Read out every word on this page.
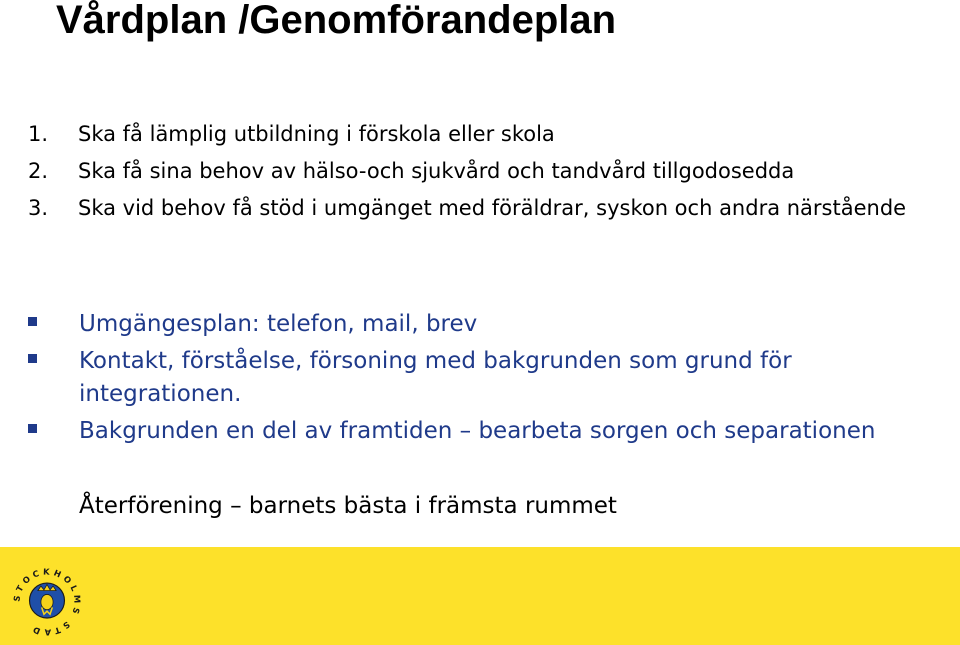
Vårdplan /Genomförandeplan
1. Ska få lämplig utbildning i förskola eller skola
2. Ska få sina behov av hälso-och sjukvård och tandvård tillgodosedda
3. Ska vid behov få stöd i umgänget med föräldrar, syskon och andra närstående
Umgängesplan: telefon, mail, brev
Kontakt, förståelse, försoning med bakgrunden som grund för integrationen.
Bakgrunden en del av framtiden – bearbeta sorgen och separationen

Återförening – barnets bästa i främsta rummet

STOCKHOLMS STAD
